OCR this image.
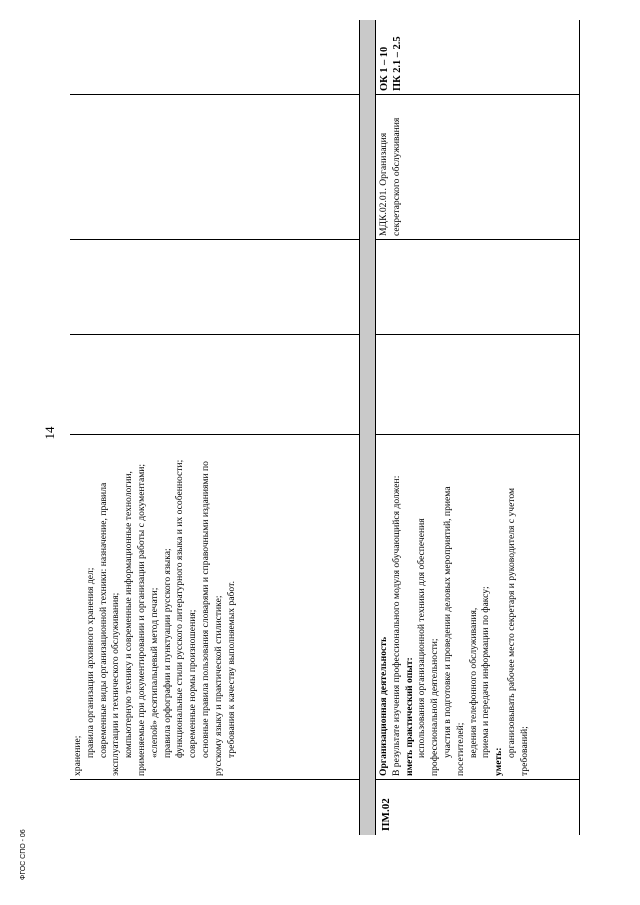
14

хранение; правила организации архивного хранения дел; современные виды организационной техники: назначение, правила эксплуатации и технического обслуживания; компьютерную технику и современные информационные технологии, применяемые при документировании и организации работы с документами; «слепой» десятипальцевый метод печати; правила орфографии и пунктуации русского языка; функциональные стили русского литературного языка и их особенности; современные нормы произношения; основные правила пользования словарями и справочными изданиями по русскому языку и практической стилистике; требования к качеству выполняемых работ.

ПМ.02

Организационная деятельность В результате изучения профессионального модуля обучающийся должен: иметь практический опыт: использования организационной техники для обеспечения профессиональной деятельности; участия в подготовке и проведении деловых мероприятий, приема посетителей; ведения телефонного обслуживания, приема и передачи информации по факсу;

уметь:

организовывать рабочее место секретаря и руководителя с учетом требований;

МДК.02.01. Организация секретарского обслуживания
ОК 1 – 10 ПК 2.1 – 2.5
ФГОС СПО - 06
